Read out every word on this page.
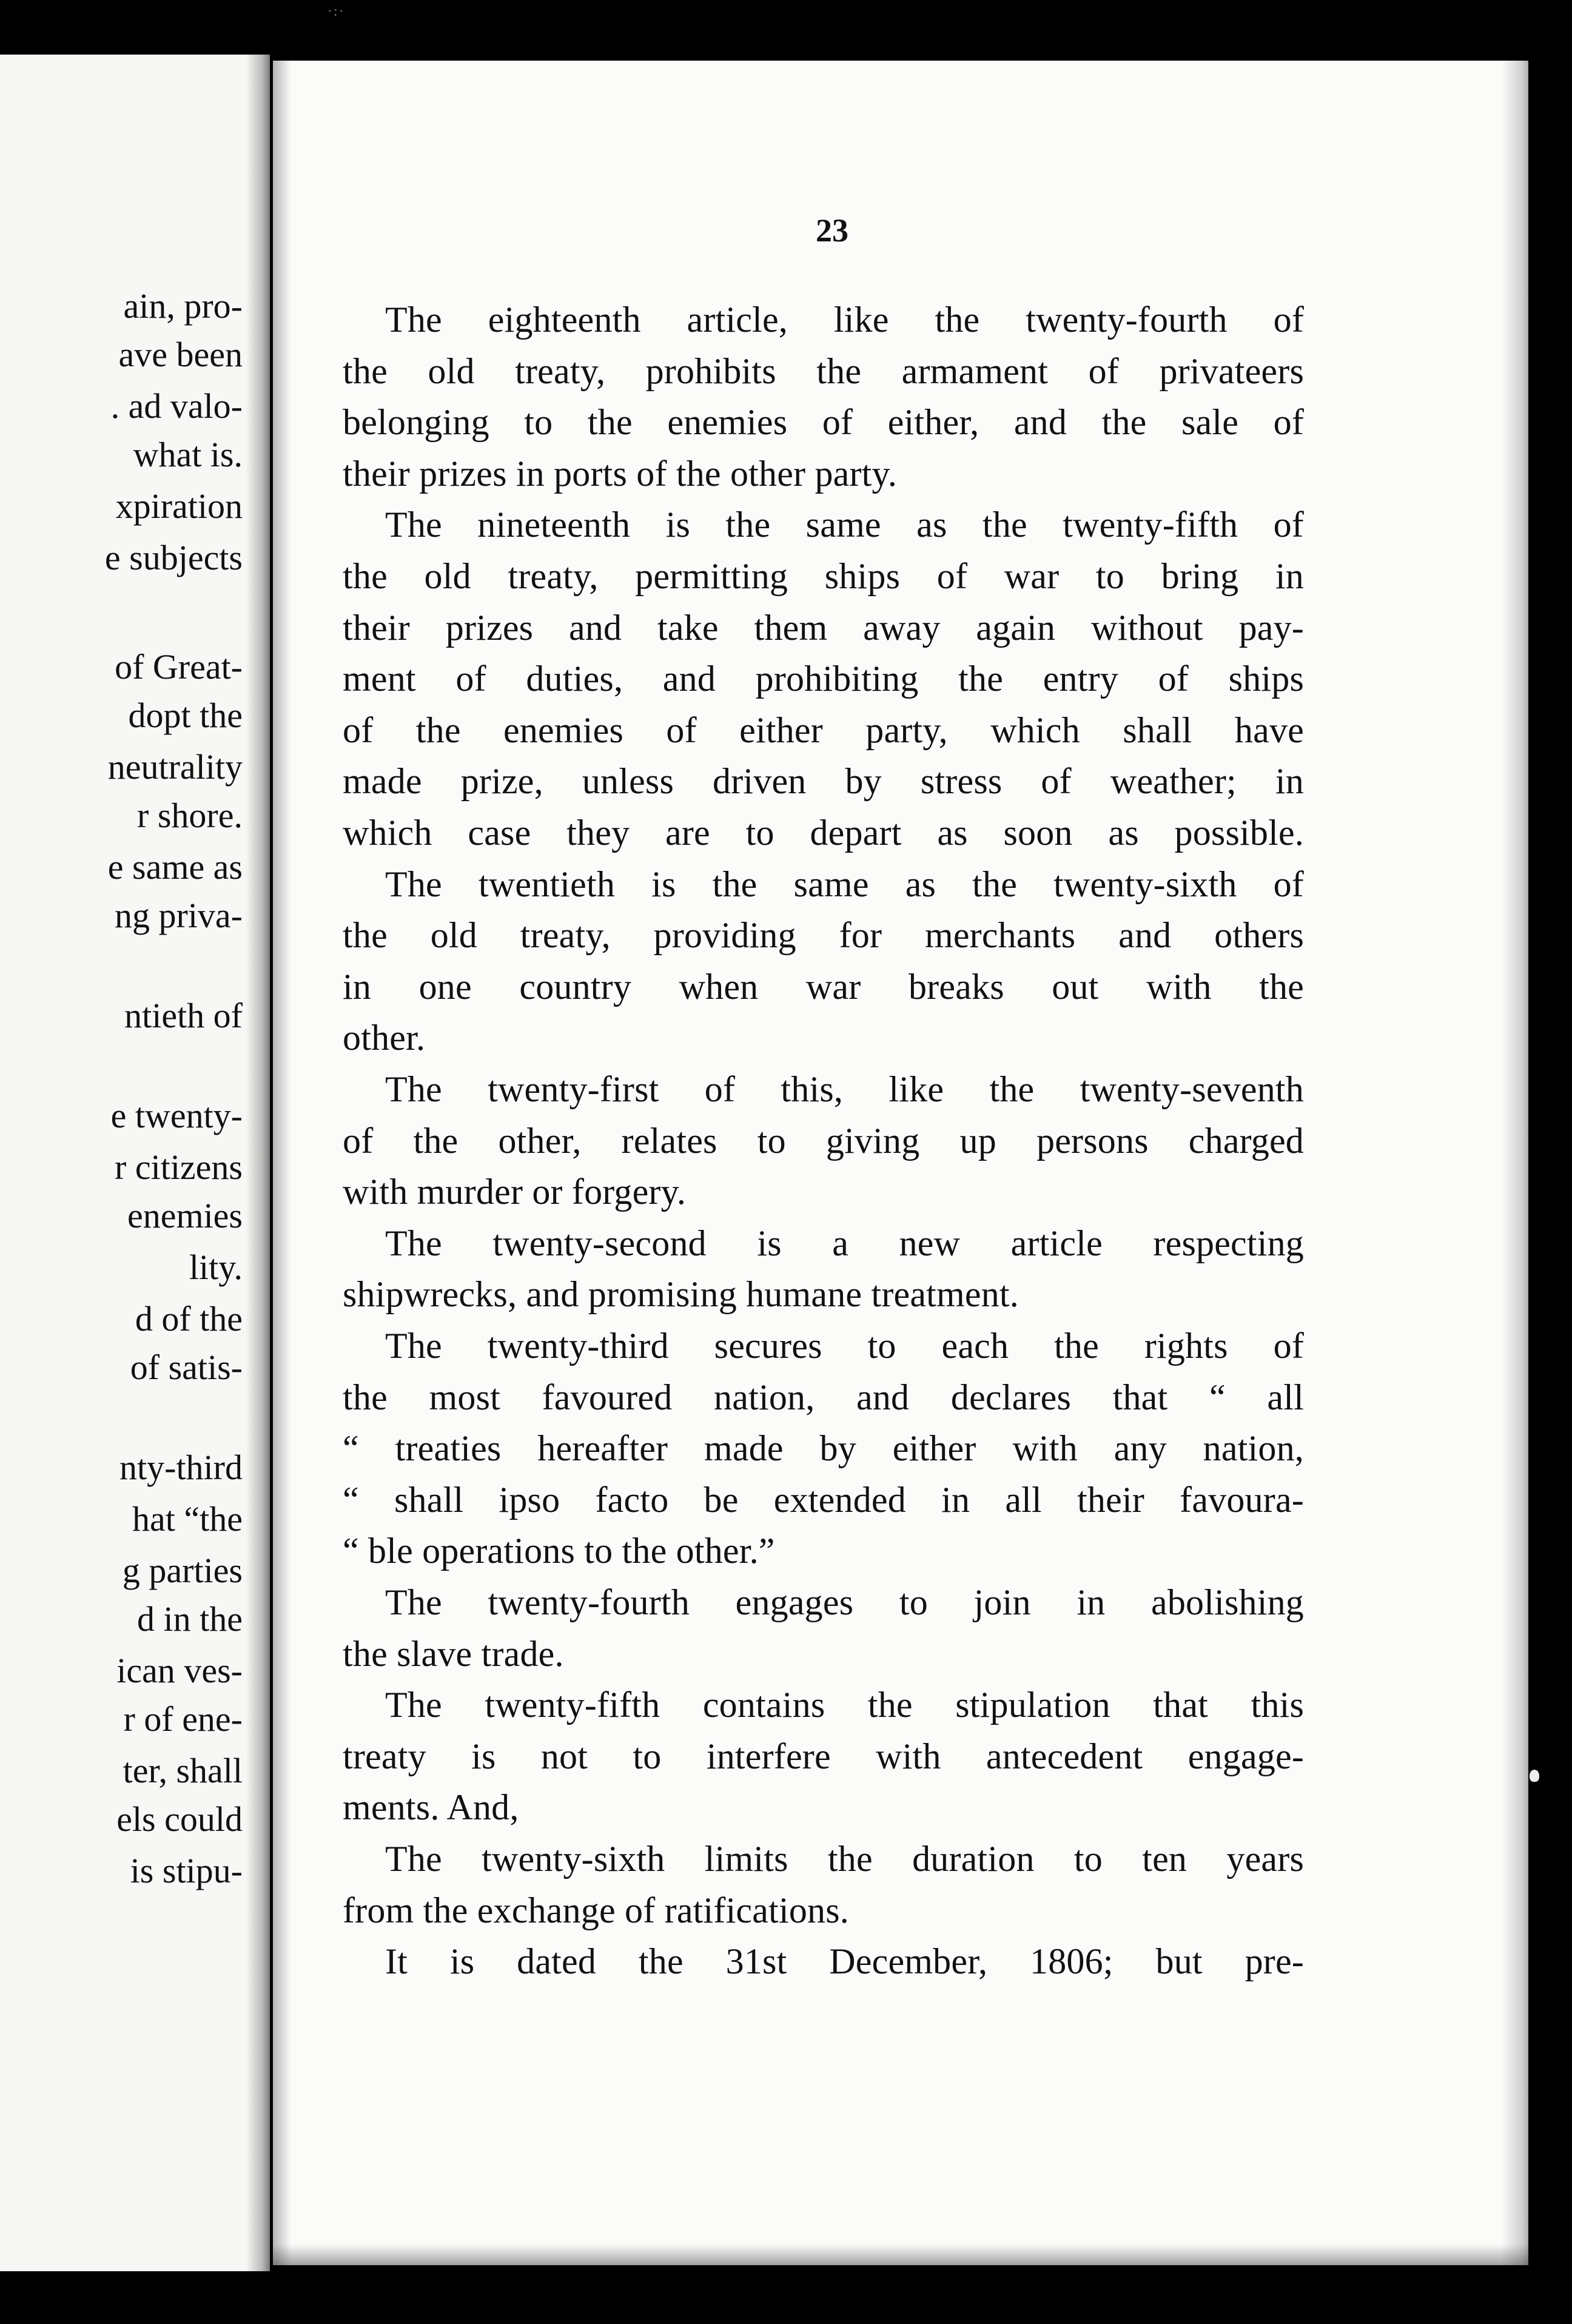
·:·
ain, pro-
ave been
. ad valo-
what is.
xpiration
e subjects
of Great-
dopt the
neutrality
r shore.
e same as
ng priva-
ntieth of
e twenty-
r citizens
enemies
lity.
d of the
of satis-
nty-third
hat “the
g parties
d in the
ican ves-
r of ene-
ter, shall
els could
is stipu-
23
The eighteenth article, like the twenty-fourth of
the old treaty, prohibits the armament of privateers
belonging to the enemies of either, and the sale of
their prizes in ports of the other party.
The nineteenth is the same as the twenty-fifth of
the old treaty, permitting ships of war to bring in
their prizes and take them away again without pay-
ment of duties, and prohibiting the entry of ships
of the enemies of either party, which shall have
made prize, unless driven by stress of weather; in
which case they are to depart as soon as possible.
The twentieth is the same as the twenty-sixth of
the old treaty, providing for merchants and others
in one country when war breaks out with the
other.
The twenty-first of this, like the twenty-seventh
of the other, relates to giving up persons charged
with murder or forgery.
The twenty-second is a new article respecting
shipwrecks, and promising humane treatment.
The twenty-third secures to each the rights of
the most favoured nation, and declares that “ all
“ treaties hereafter made by either with any nation,
“ shall ipso facto be extended in all their favoura-
“ ble operations to the other.”
The twenty-fourth engages to join in abolishing
the slave trade.
The twenty-fifth contains the stipulation that this
treaty is not to interfere with antecedent engage-
ments. And,
The twenty-sixth limits the duration to ten years
from the exchange of ratifications.
It is dated the 31st December, 1806; but pre-
